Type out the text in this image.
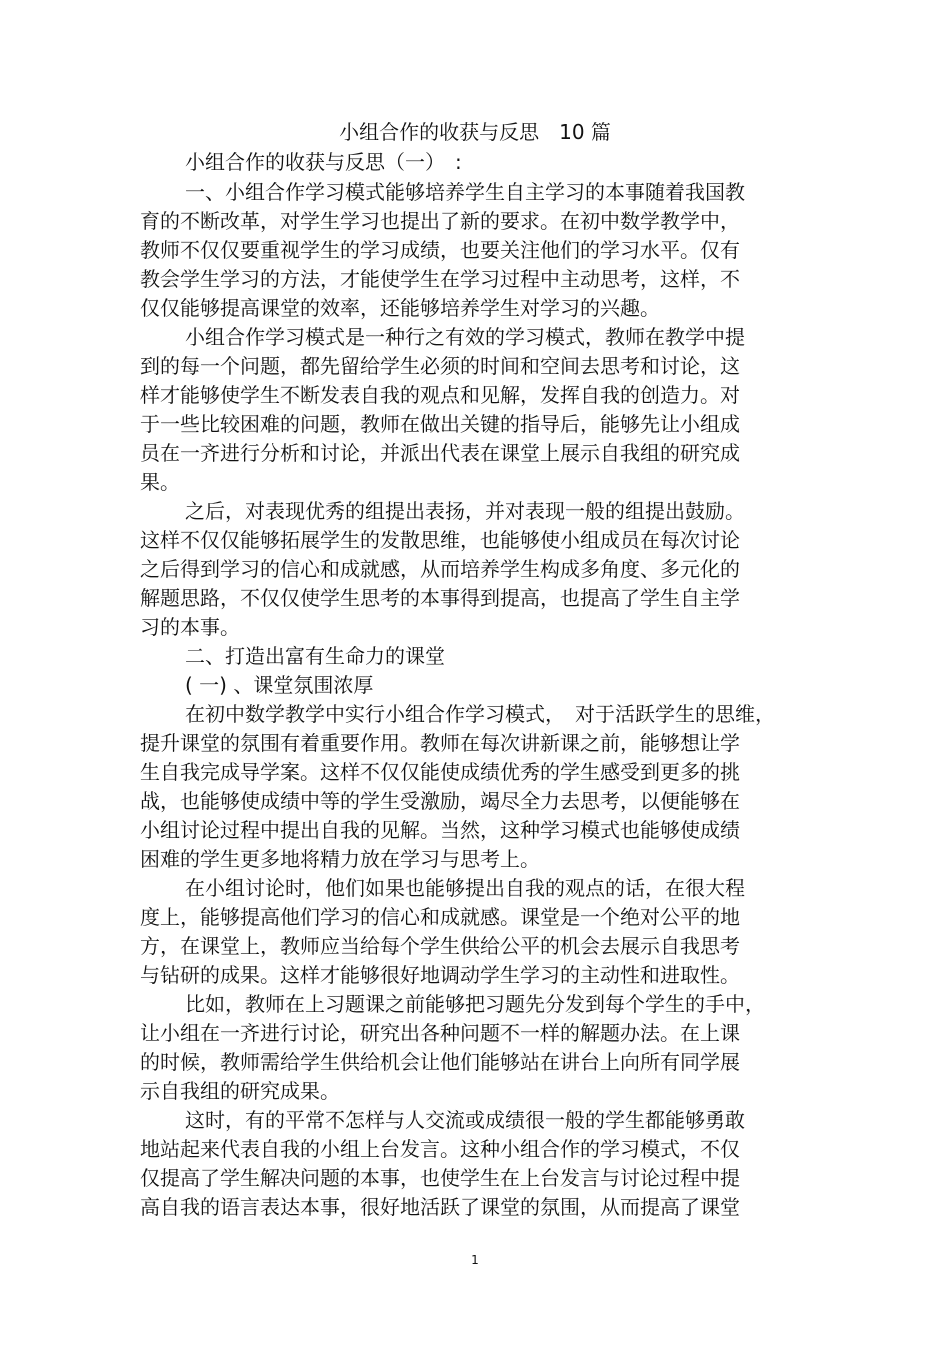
小组合作的收获与反思　10 篇
小组合作的收获与反思（一）　:
一、小组合作学习模式能够培养学生自主学习的本事随着我国教
育的不断改革，对学生学习也提出了新的要求。在初中数学教学中，
教师不仅仅要重视学生的学习成绩，也要关注他们的学习水平。仅有
教会学生学习的方法，才能使学生在学习过程中主动思考，这样，不
仅仅能够提高课堂的效率，还能够培养学生对学习的兴趣。
小组合作学习模式是一种行之有效的学习模式，教师在教学中提
到的每一个问题，都先留给学生必须的时间和空间去思考和讨论，这
样才能够使学生不断发表自我的观点和见解，发挥自我的创造力。对
于一些比较困难的问题，教师在做出关键的指导后，能够先让小组成
员在一齐进行分析和讨论，并派出代表在课堂上展示自我组的研究成
果。
之后，对表现优秀的组提出表扬，并对表现一般的组提出鼓励。
这样不仅仅能够拓展学生的发散思维，也能够使小组成员在每次讨论
之后得到学习的信心和成就感，从而培养学生构成多角度、多元化的
解题思路，不仅仅使学生思考的本事得到提高，也提高了学生自主学
习的本事。
二、打造出富有生命力的课堂
( 一) 、课堂氛围浓厚
在初中数学教学中实行小组合作学习模式，　对于活跃学生的思维，
提升课堂的氛围有着重要作用。教师在每次讲新课之前，能够想让学
生自我完成导学案。这样不仅仅能使成绩优秀的学生感受到更多的挑
战，也能够使成绩中等的学生受激励，竭尽全力去思考，以便能够在
小组讨论过程中提出自我的见解。当然，这种学习模式也能够使成绩
困难的学生更多地将精力放在学习与思考上。
在小组讨论时，他们如果也能够提出自我的观点的话，在很大程
度上，能够提高他们学习的信心和成就感。课堂是一个绝对公平的地
方，在课堂上，教师应当给每个学生供给公平的机会去展示自我思考
与钻研的成果。这样才能够很好地调动学生学习的主动性和进取性。
比如，教师在上习题课之前能够把习题先分发到每个学生的手中，
让小组在一齐进行讨论，研究出各种问题不一样的解题办法。在上课
的时候，教师需给学生供给机会让他们能够站在讲台上向所有同学展
示自我组的研究成果。
这时，有的平常不怎样与人交流或成绩很一般的学生都能够勇敢
地站起来代表自我的小组上台发言。这种小组合作的学习模式，不仅
仅提高了学生解决问题的本事，也使学生在上台发言与讨论过程中提
高自我的语言表达本事，很好地活跃了课堂的氛围，从而提高了课堂
1
